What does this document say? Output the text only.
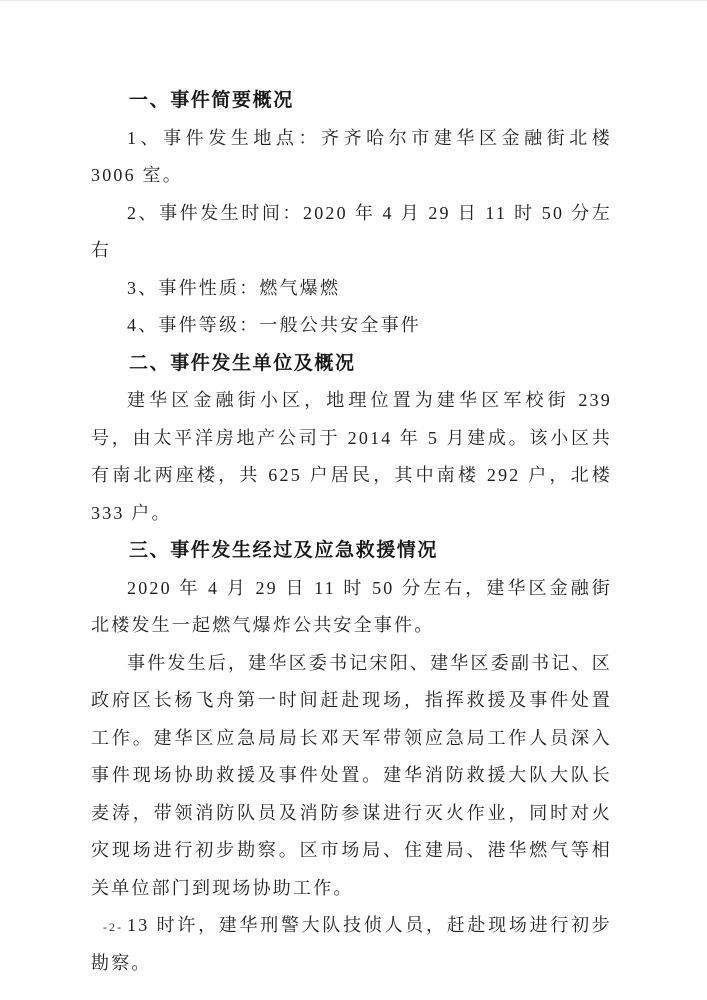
一、事件简要概况

1、事件发生地点：齐齐哈尔市建华区金融街北楼 3006 室。

2、事件发生时间：2020 年 4 月 29 日 11 时 50 分左右

3、事件性质：燃气爆燃

4、事件等级：一般公共安全事件

二、事件发生单位及概况

建华区金融街小区，地理位置为建华区军校街 239 号，由太平洋房地产公司于 2014 年 5 月建成。该小区共有南北两座楼，共 625 户居民，其中南楼 292 户，北楼 333 户。

三、事件发生经过及应急救援情况

2020 年 4 月 29 日 11 时 50 分左右，建华区金融街北楼发生一起燃气爆炸公共安全事件。

事件发生后，建华区委书记宋阳、建华区委副书记、区政府区长杨飞舟第一时间赶赴现场，指挥救援及事件处置工作。建华区应急局局长邓天军带领应急局工作人员深入事件现场协助救援及事件处置。建华消防救援大队大队长麦涛，带领消防队员及消防参谋进行灭火作业，同时对火灾现场进行初步勘察。区市场局、住建局、港华燃气等相关单位部门到现场协助工作。

13 时许，建华刑警大队技侦人员，赶赴现场进行初步勘察。

-2-
